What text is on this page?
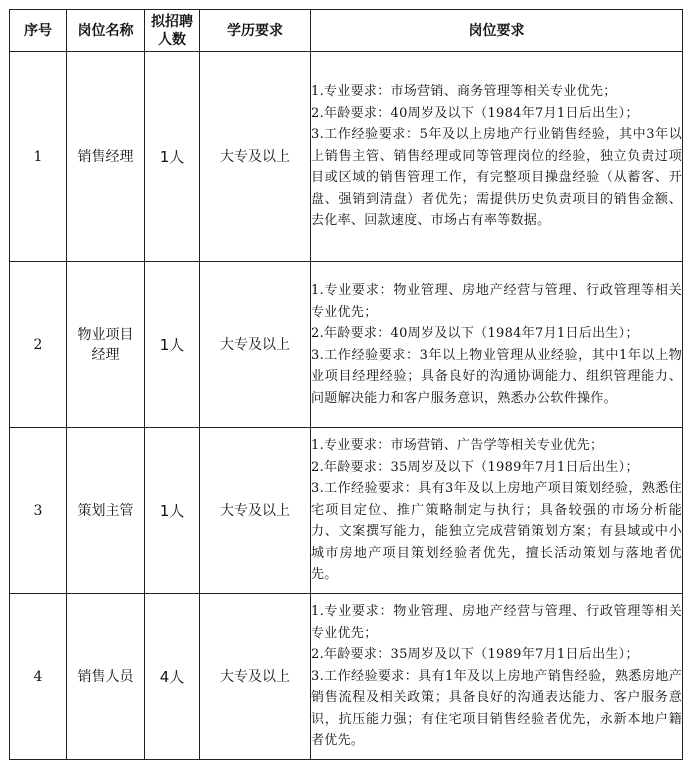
序号	岗位名称	拟招聘人数	学历要求	岗位要求
1	销售经理	1人	大专及以上	1.专业要求：市场营销、商务管理等相关专业优先；

2.年龄要求：40周岁及以下（1984年7月1日后出生）；

3.工作经验要求：5年及以上房地产行业销售经验，其中3年以上销售主管、销售经理或同等管理岗位的经验，独立负责过项目或区域的销售管理工作，有完整项目操盘经验（从蓄客、开盘、强销到清盘）者优先；需提供历史负责项目的销售金额、去化率、回款速度、市场占有率等数据。

2	物业项目经理	1人	大专及以上	1.专业要求：物业管理、房地产经营与管理、行政管理等相关专业优先；

2.年龄要求：40周岁及以下（1984年7月1日后出生）；

3.工作经验要求：3年以上物业管理从业经验，其中1年以上物业项目经理经验；具备良好的沟通协调能力、组织管理能力、问题解决能力和客户服务意识，熟悉办公软件操作。

3	策划主管	1人	大专及以上	1.专业要求：市场营销、广告学等相关专业优先；

2.年龄要求：35周岁及以下（1989年7月1日后出生）；

3.工作经验要求：具有3年及以上房地产项目策划经验，熟悉住宅项目定位、推广策略制定与执行；具备较强的市场分析能力、文案撰写能力，能独立完成营销策划方案；有县域或中小城市房地产项目策划经验者优先，擅长活动策划与落地者优先。

4	销售人员	4人	大专及以上	1.专业要求：物业管理、房地产经营与管理、行政管理等相关专业优先；

2.年龄要求：35周岁及以下（1989年7月1日后出生）；

3.工作经验要求：具有1年及以上房地产销售经验，熟悉房地产销售流程及相关政策；具备良好的沟通表达能力、客户服务意识，抗压能力强；有住宅项目销售经验者优先，永新本地户籍者优先。
